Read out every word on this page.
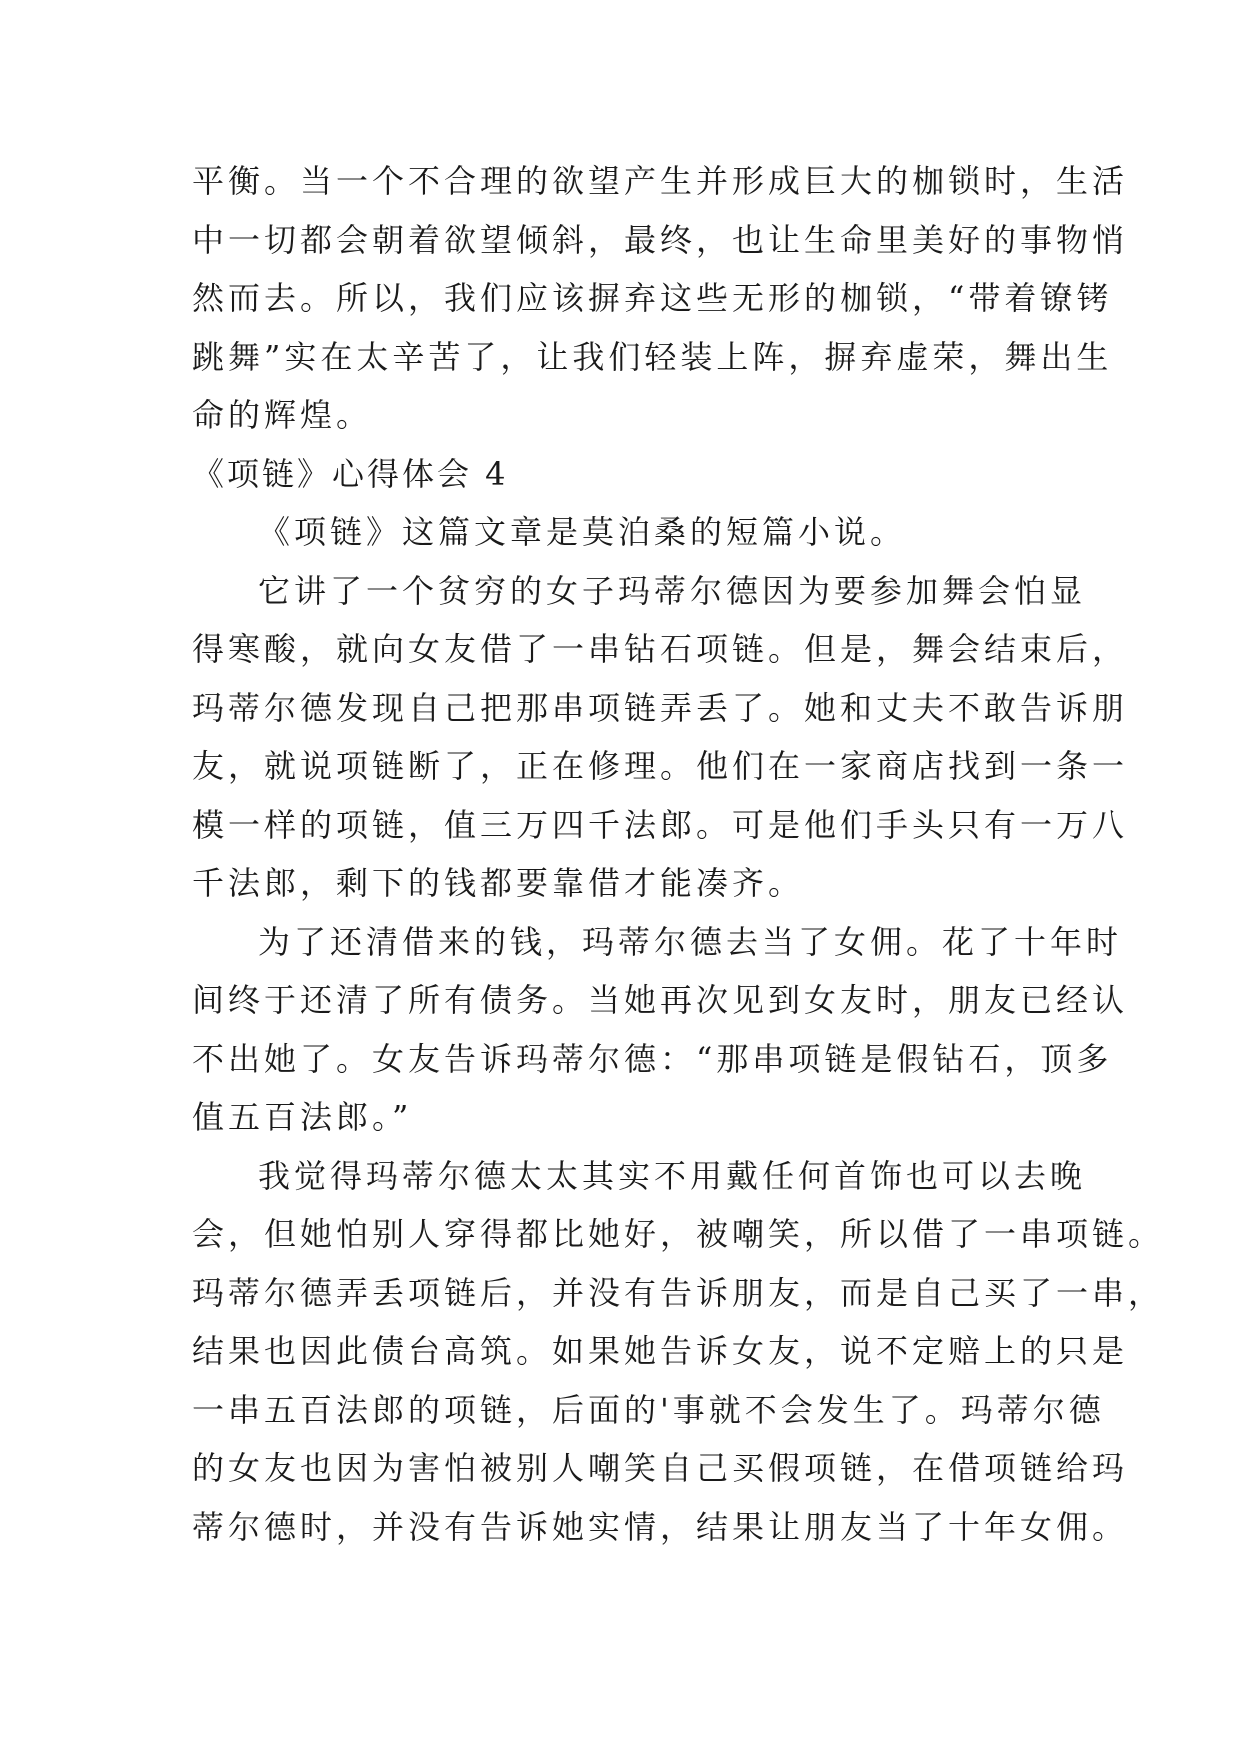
平衡。当一个不合理的欲望产生并形成巨大的枷锁时，生活
中一切都会朝着欲望倾斜，最终，也让生命里美好的事物悄
然而去。所以，我们应该摒弃这些无形的枷锁，“带着镣铐
跳舞”实在太辛苦了，让我们轻装上阵，摒弃虚荣，舞出生
命的辉煌。
《项链》心得体会 4
《项链》这篇文章是莫泊桑的短篇小说。
它讲了一个贫穷的女子玛蒂尔德因为要参加舞会怕显
得寒酸，就向女友借了一串钻石项链。但是，舞会结束后，
玛蒂尔德发现自己把那串项链弄丢了。她和丈夫不敢告诉朋
友，就说项链断了，正在修理。他们在一家商店找到一条一
模一样的项链，值三万四千法郎。可是他们手头只有一万八
千法郎，剩下的钱都要靠借才能凑齐。
为了还清借来的钱，玛蒂尔德去当了女佣。花了十年时
间终于还清了所有债务。当她再次见到女友时，朋友已经认
不出她了。女友告诉玛蒂尔德：“那串项链是假钻石，顶多
值五百法郎。”
我觉得玛蒂尔德太太其实不用戴任何首饰也可以去晚
会，但她怕别人穿得都比她好，被嘲笑，所以借了一串项链。
玛蒂尔德弄丢项链后，并没有告诉朋友，而是自己买了一串，
结果也因此债台高筑。如果她告诉女友，说不定赔上的只是
一串五百法郎的项链，后面的'事就不会发生了。玛蒂尔德
的女友也因为害怕被别人嘲笑自己买假项链，在借项链给玛
蒂尔德时，并没有告诉她实情，结果让朋友当了十年女佣。
